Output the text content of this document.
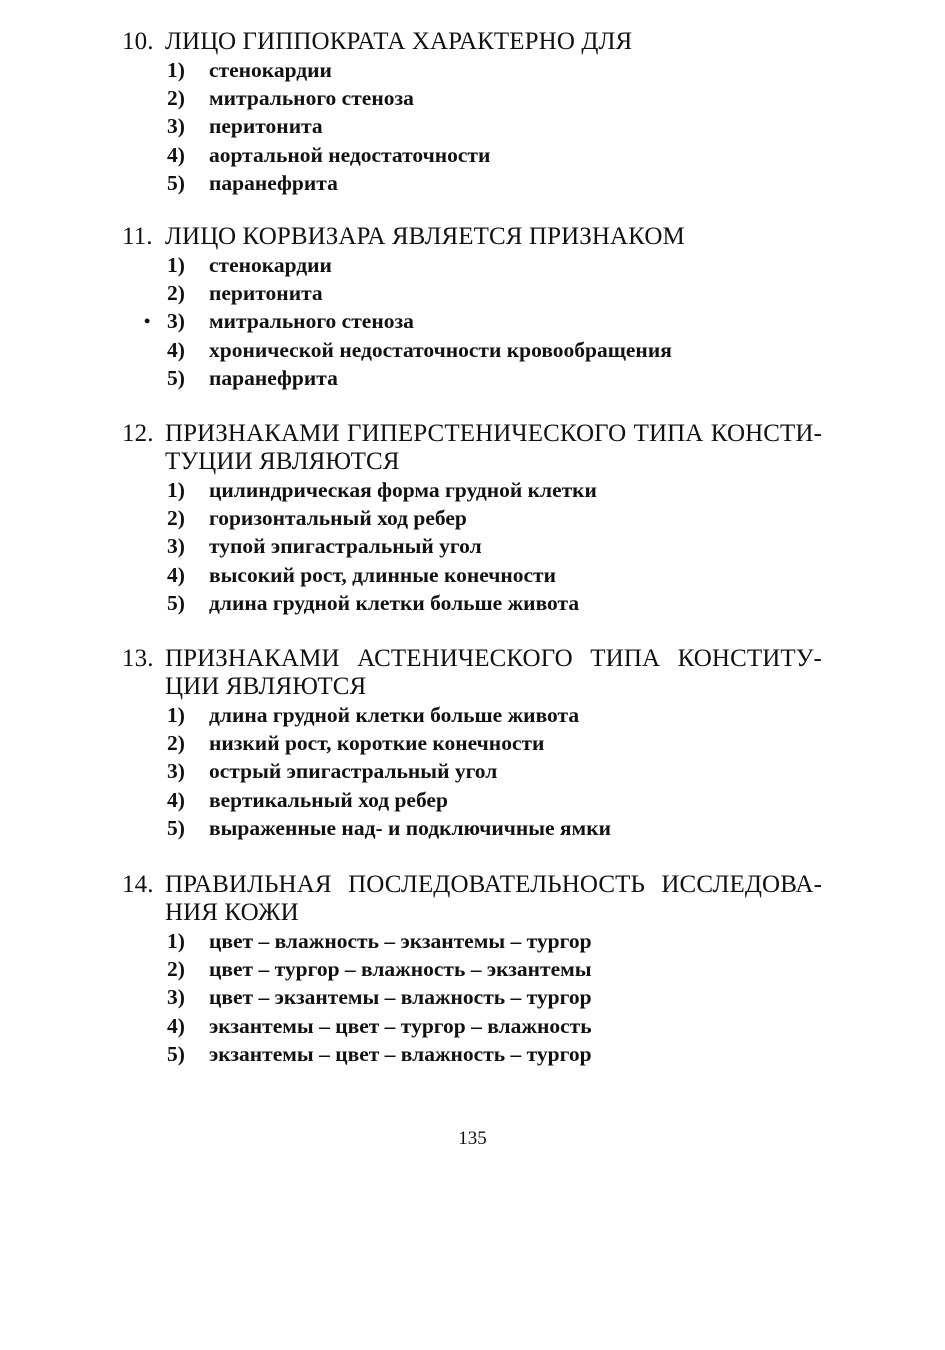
10. ЛИЦО ГИППОКРАТА ХАРАКТЕРНО ДЛЯ
1)	стенокардии
2)	митрального стеноза
3)	перитонита
4)	аортальной недостаточности
5)	паранефрита
11. ЛИЦО КОРВИЗАРА ЯВЛЯЕТСЯ ПРИЗНАКОМ
1)	стенокардии
2)	перитонита
• 3)	митрального стеноза
4)	хронической недостаточности кровообращения
5)	паранефрита
12. ПРИЗНАКАМИ ГИПЕРСТЕНИЧЕСКОГО ТИПА КОНСТИ-
ТУЦИИ ЯВЛЯЮТСЯ
1)	цилиндрическая форма грудной клетки
2)	горизонтальный ход ребер
3)	тупой эпигастральный угол
4)	высокий рост, длинные конечности
5)	длина грудной клетки больше живота
13. ПРИЗНАКАМИ АСТЕНИЧЕСКОГО ТИПА КОНСТИТУ-
ЦИИ ЯВЛЯЮТСЯ
1)	длина грудной клетки больше живота
2)	низкий рост, короткие конечности
3)	острый эпигастральный угол
4)	вертикальный ход ребер
5)	выраженные над- и подключичные ямки
14. ПРАВИЛЬНАЯ ПОСЛЕДОВАТЕЛЬНОСТЬ ИССЛЕДОВА-
НИЯ КОЖИ
1)	цвет – влажность – экзантемы – тургор
2)	цвет – тургор – влажность – экзантемы
3)	цвет – экзантемы – влажность – тургор
4)	экзантемы – цвет – тургор – влажность
5)	экзантемы – цвет – влажность – тургор
135
